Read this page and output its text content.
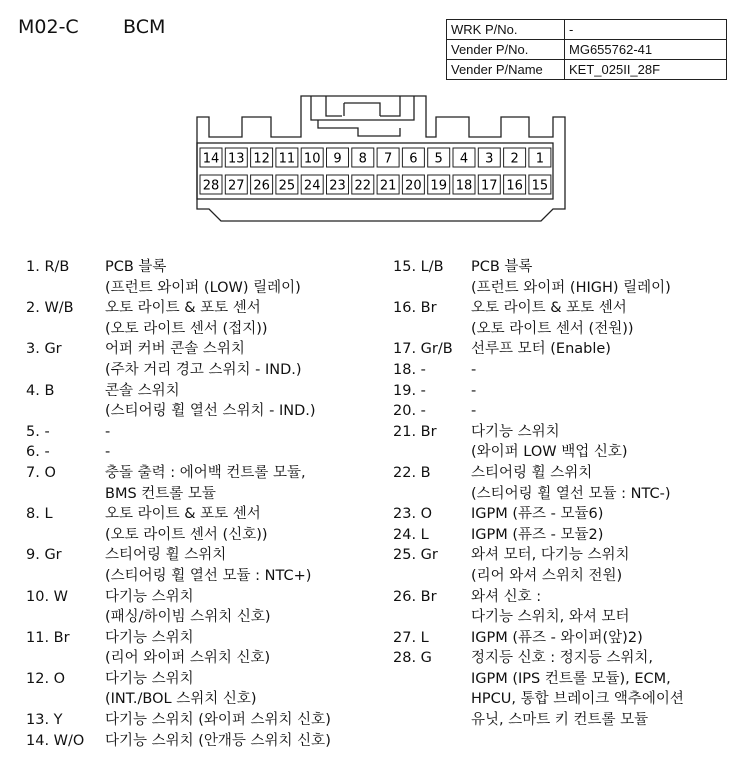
M02-C BCM	WRK P/No.	-
Vender P/No.	MG655762-41
Vender P/Name	KET_025II_28F
14 13 12 11 10 9 8 7 6 5 4 3 2 1
28 27 26 25 24 23 22 21 20 19 18 17 16 15
1. R/B	PCB 블록
(프런트 와이퍼 (LOW) 릴레이)
2. W/B	오토 라이트 & 포토 센서
(오토 라이트 센서 (접지))
3. Gr	어퍼 커버 콘솔 스위치
(주차 거리 경고 스위치 - IND.)
4. B	콘솔 스위치
(스티어링 휠 열선 스위치 - IND.)
5. -	-
6. -	-
7. O	충돌 출력 : 에어백 컨트롤 모듈,
BMS 컨트롤 모듈
8. L	오토 라이트 & 포토 센서
(오토 라이트 센서 (신호))
9. Gr	스티어링 휠 스위치
(스티어링 휠 열선 모듈 : NTC+)
10. W	다기능 스위치
(패싱/하이빔 스위치 신호)
11. Br	다기능 스위치
(리어 와이퍼 스위치 신호)
12. O	다기능 스위치
(INT./BOL 스위치 신호)
13. Y	다기능 스위치 (와이퍼 스위치 신호)
14. W/O	다기능 스위치 (안개등 스위치 신호)
15. L/B	PCB 블록
(프런트 와이퍼 (HIGH) 릴레이)
16. Br	오토 라이트 & 포토 센서
(오토 라이트 센서 (전원))
17. Gr/B	선루프 모터 (Enable)
18. -	-
19. -	-
20. -	-
21. Br	다기능 스위치
(와이퍼 LOW 백업 신호)
22. B	스티어링 휠 스위치
(스티어링 휠 열선 모듈 : NTC-)
23. O	IGPM (퓨즈 - 모듈6)
24. L	IGPM (퓨즈 - 모듈2)
25. Gr	와셔 모터, 다기능 스위치
(리어 와셔 스위치 전원)
26. Br	와셔 신호 :
다기능 스위치, 와셔 모터
27. L	IGPM (퓨즈 - 와이퍼(앞)2)
28. G	정지등 신호 : 정지등 스위치,
IGPM (IPS 컨트롤 모듈), ECM,
HPCU, 통합 브레이크 액추에이션
유닛, 스마트 키 컨트롤 모듈
